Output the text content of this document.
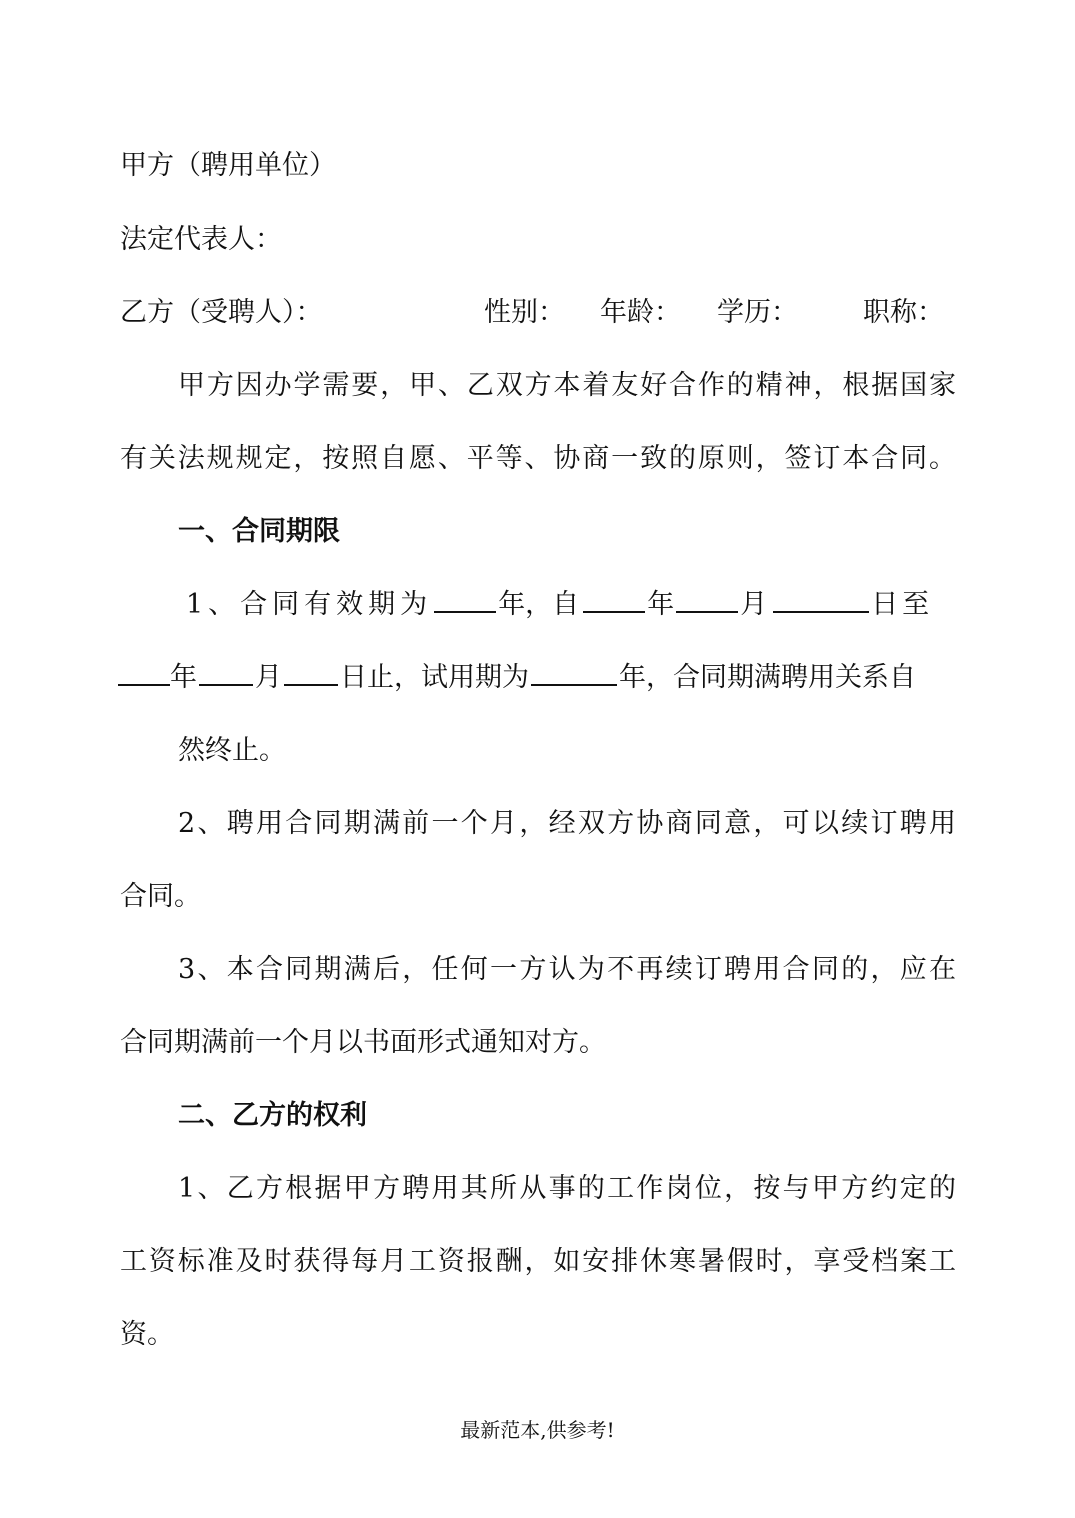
甲方（聘用单位）
法定代表人：
乙方（受聘人）：	性别： 年龄： 学历： 职称：
甲方因办学需要，甲、乙双方本着友好合作的精神，根据国家
有关法规规定，按照自愿、平等、协商一致的原则，签订本合同。
一、合同期限
1、合同有效期为 年，自	年 月	日至
年 月 日止，试用期为	年，合同期满聘用关系自
然终止。
2、聘用合同期满前一个月，经双方协商同意，可以续订聘用
合同。
3、本合同期满后，任何一方认为不再续订聘用合同的，应在
合同期满前一个月以书面形式通知对方。
二、乙方的权利
1、乙方根据甲方聘用其所从事的工作岗位，按与甲方约定的
工资标准及时获得每月工资报酬，如安排休寒暑假时，享受档案工
资。
最新范本,供参考!
